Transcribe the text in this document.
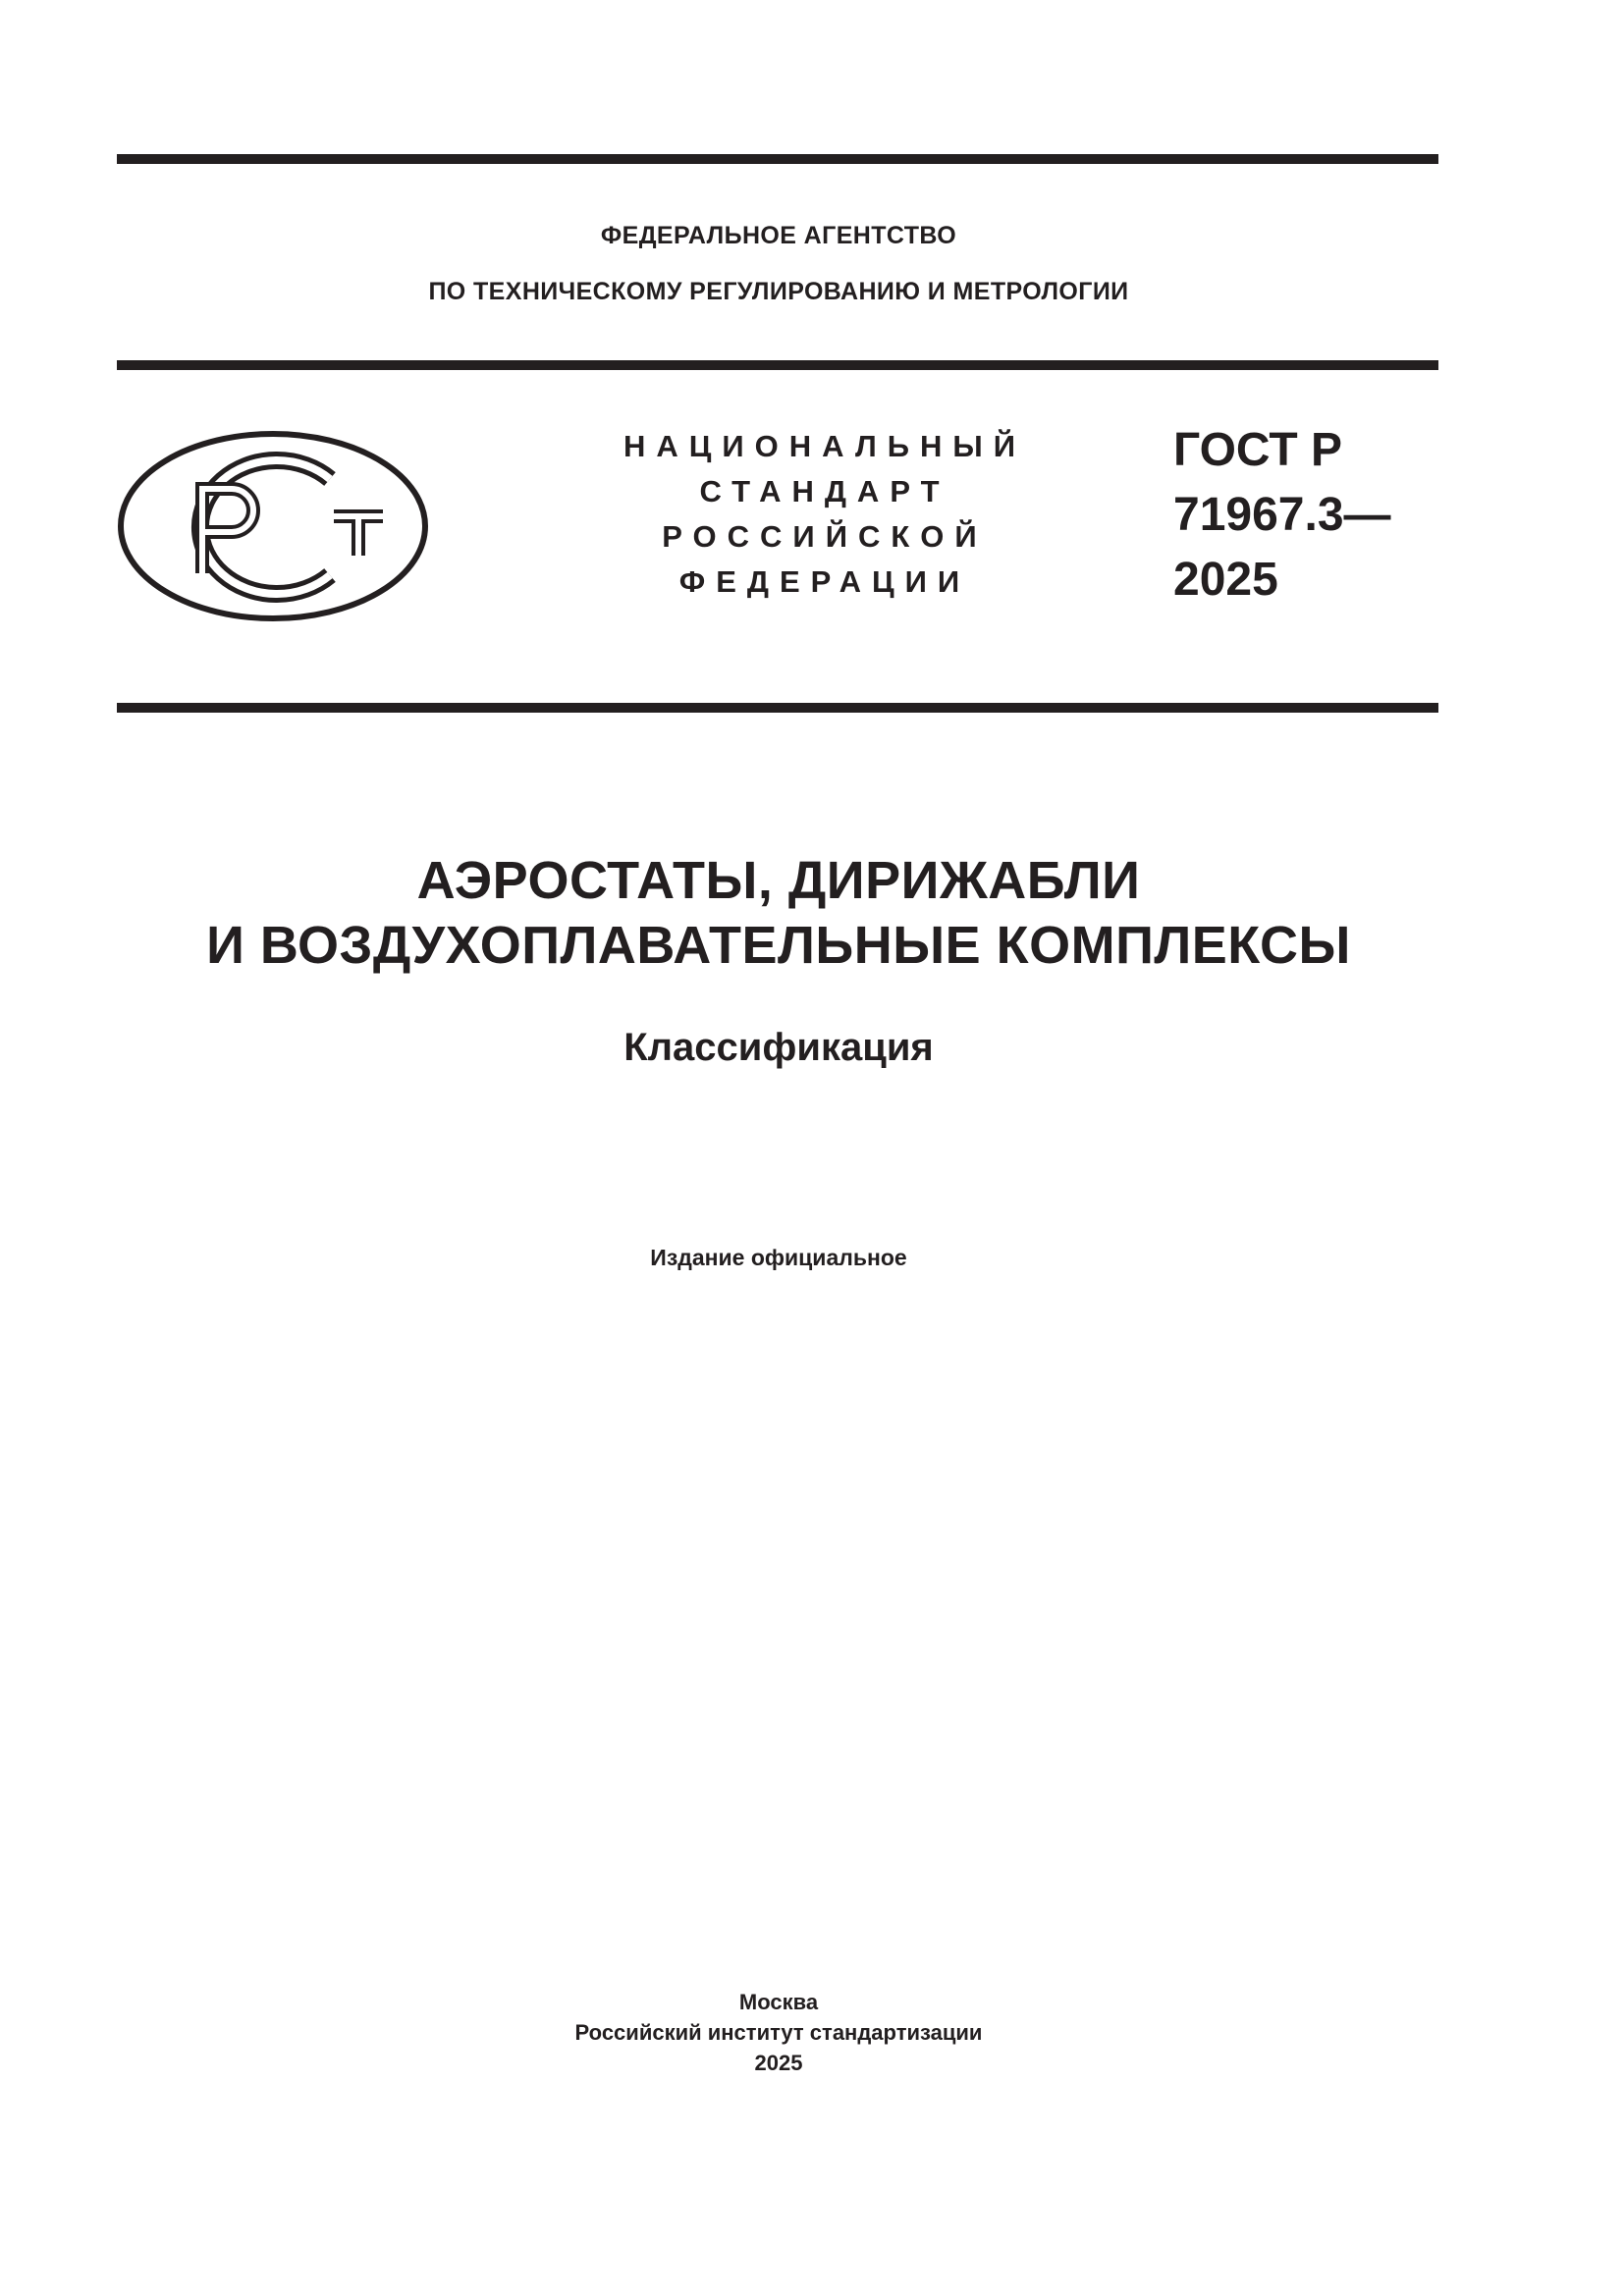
ФЕДЕРАЛЬНОЕ АГЕНТСТВО
ПО ТЕХНИЧЕСКОМУ РЕГУЛИРОВАНИЮ И МЕТРОЛОГИИ
НАЦИОНАЛЬНЫЙ
СТАНДАРТ
РОССИЙСКОЙ
ФЕДЕРАЦИИ
ГОСТ Р
71967.3—
2025
АЭРОСТАТЫ, ДИРИЖАБЛИ
И ВОЗДУХОПЛАВАТЕЛЬНЫЕ КОМПЛЕКСЫ
Классификация
Издание официальное
Москва
Российский институт стандартизации
2025
